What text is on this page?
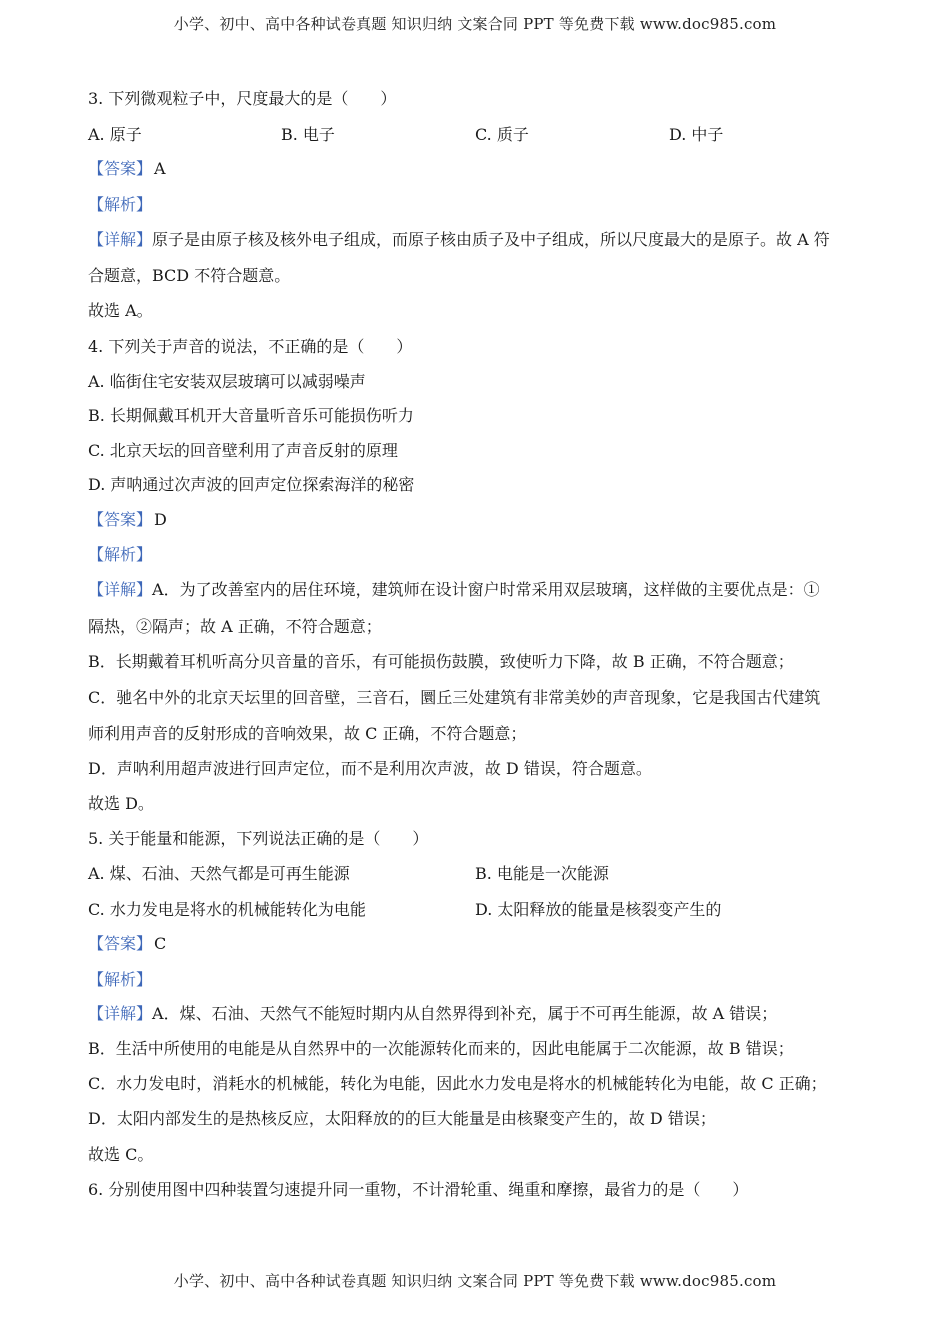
小学、初中、高中各种试卷真题 知识归纳 文案合同 PPT 等免费下载 www.doc985.com
3. 下列微观粒子中，尺度最大的是（　　）
A. 原子	B. 电子	C. 质子	D. 中子
【答案】 A
【解析】
【详解】原子是由原子核及核外电子组成，而原子核由质子及中子组成，所以尺度最大的是原子。故 A 符
合题意，BCD 不符合题意。
故选 A。
4. 下列关于声音的说法，不正确的是（　　）
A. 临街住宅安装双层玻璃可以减弱噪声
B. 长期佩戴耳机开大音量听音乐可能损伤听力
C. 北京天坛的回音壁利用了声音反射的原理
D. 声呐通过次声波的回声定位探索海洋的秘密
【答案】 D
【解析】
【详解】A．为了改善室内的居住环境，建筑师在设计窗户时常采用双层玻璃，这样做的主要优点是：①
隔热，②隔声；故 A 正确，不符合题意；
B．长期戴着耳机听高分贝音量的音乐，有可能损伤鼓膜，致使听力下降，故 B 正确，不符合题意；
C．驰名中外的北京天坛里的回音壁，三音石，圜丘三处建筑有非常美妙的声音现象，它是我国古代建筑
师利用声音的反射形成的音响效果，故 C 正确，不符合题意；
D．声呐利用超声波进行回声定位，而不是利用次声波，故 D 错误，符合题意。
故选 D。
5. 关于能量和能源，下列说法正确的是（　　）
A. 煤、石油、天然气都是可再生能源	B. 电能是一次能源
C. 水力发电是将水的机械能转化为电能	D. 太阳释放的能量是核裂变产生的
【答案】 C
【解析】
【详解】A．煤、石油、天然气不能短时期内从自然界得到补充，属于不可再生能源，故 A 错误；
B．生活中所使用的电能是从自然界中的一次能源转化而来的，因此电能属于二次能源，故 B 错误；
C．水力发电时，消耗水的机械能，转化为电能，因此水力发电是将水的机械能转化为电能，故 C 正确；
D．太阳内部发生的是热核反应，太阳释放的的巨大能量是由核聚变产生的，故 D 错误；
故选 C。
6. 分别使用图中四种装置匀速提升同一重物，不计滑轮重、绳重和摩擦，最省力的是（　　）
小学、初中、高中各种试卷真题 知识归纳 文案合同 PPT 等免费下载 www.doc985.com
